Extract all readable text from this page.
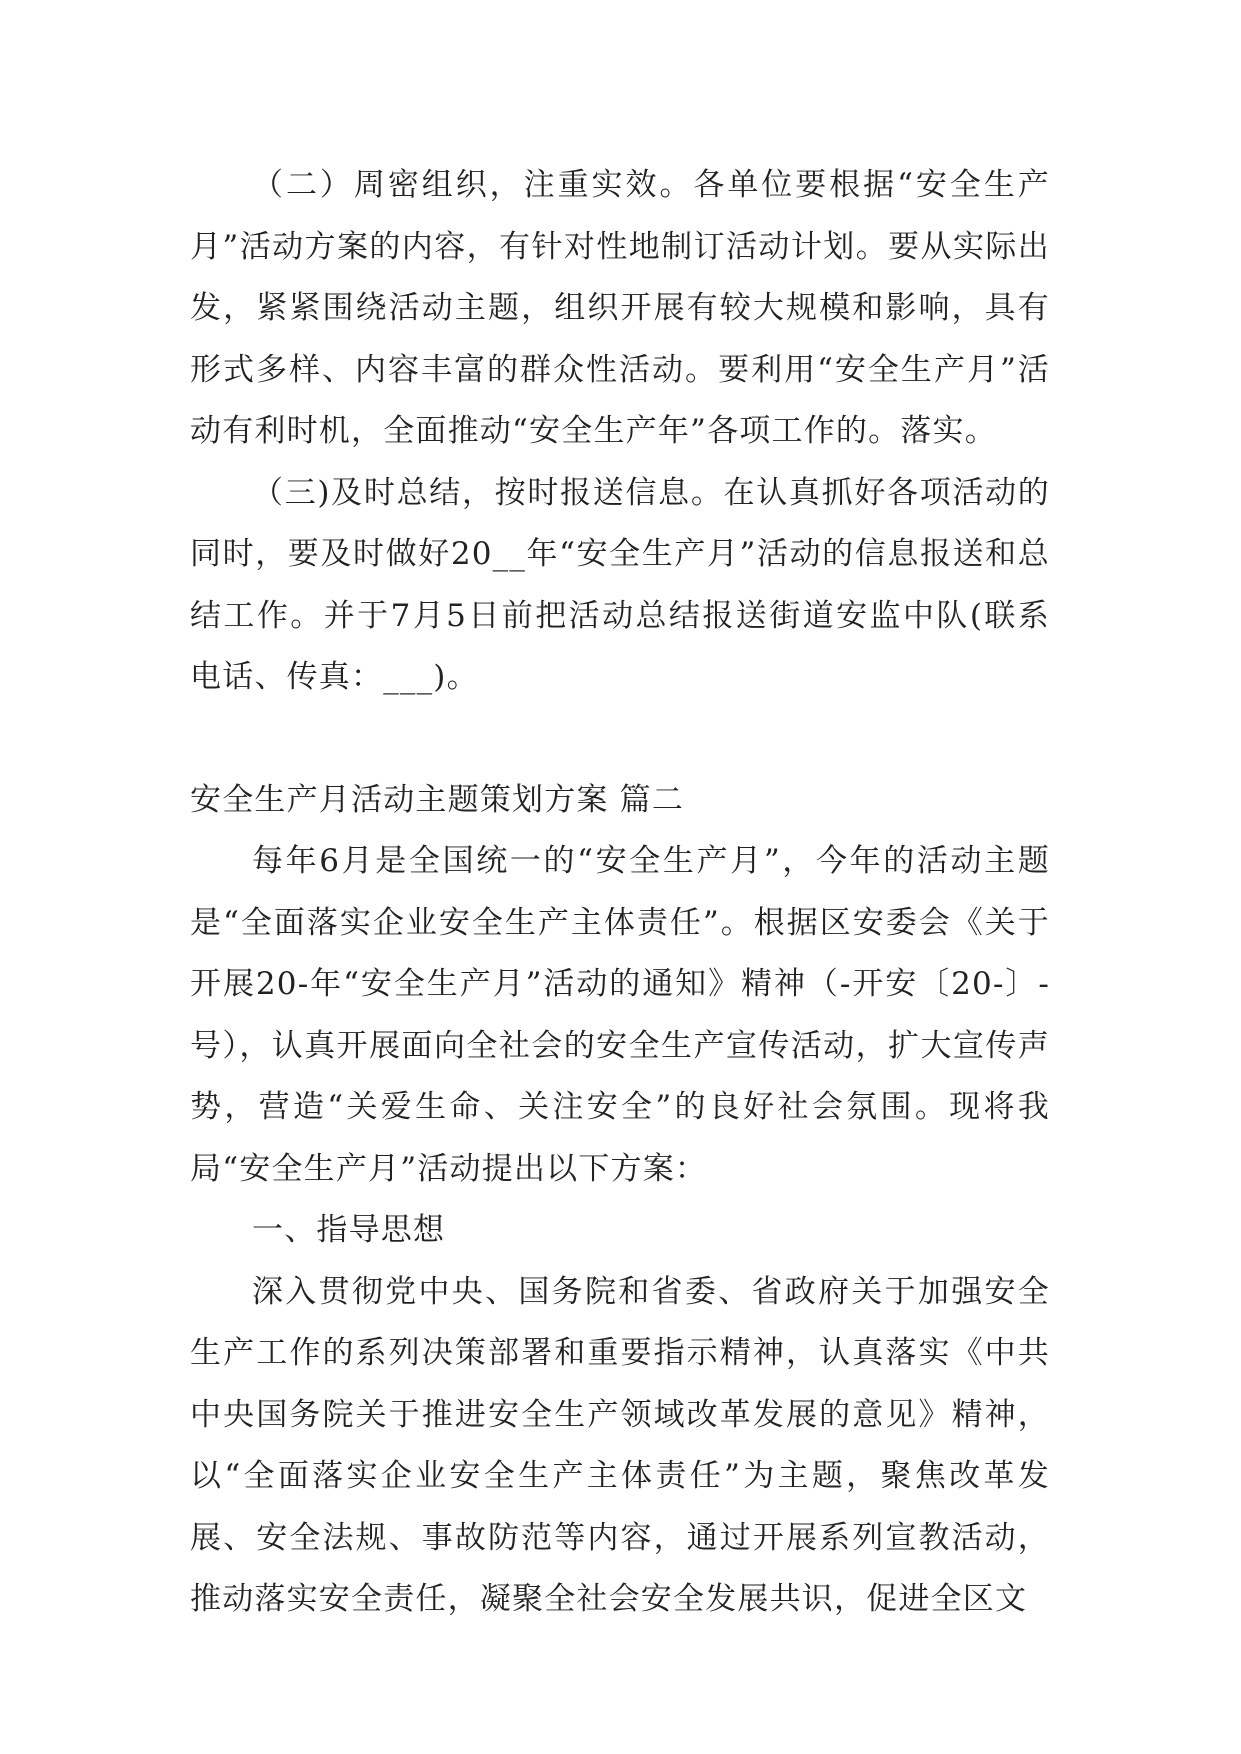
（二）周密组织，注重实效。各单位要根据“安全生产月”活动方案的内容，有针对性地制订活动计划。要从实际出发，紧紧围绕活动主题，组织开展有较大规模和影响，具有形式多样、内容丰富的群众性活动。要利用“安全生产月”活动有利时机，全面推动“安全生产年”各项工作的。落实。

（三)及时总结，按时报送信息。在认真抓好各项活动的同时，要及时做好20__年“安全生产月”活动的信息报送和总结工作。并于7月5日前把活动总结报送街道安监中队(联系电话、传真：___)。

安全生产月活动主题策划方案 篇二

每年6月是全国统一的“安全生产月”，今年的活动主题是“全面落实企业安全生产主体责任”。根据区安委会《关于开展20-年“安全生产月”活动的通知》精神（-开安〔20-〕-号），认真开展面向全社会的安全生产宣传活动，扩大宣传声势，营造“关爱生命、关注安全”的良好社会氛围。现将我局“安全生产月”活动提出以下方案：

一、指导思想

深入贯彻党中央、国务院和省委、省政府关于加强安全生产工作的系列决策部署和重要指示精神，认真落实《中共中央国务院关于推进安全生产领域改革发展的意见》精神，以“全面落实企业安全生产主体责任”为主题，聚焦改革发展、安全法规、事故防范等内容，通过开展系列宣教活动，推动落实安全责任，凝聚全社会安全发展共识，促进全区文
